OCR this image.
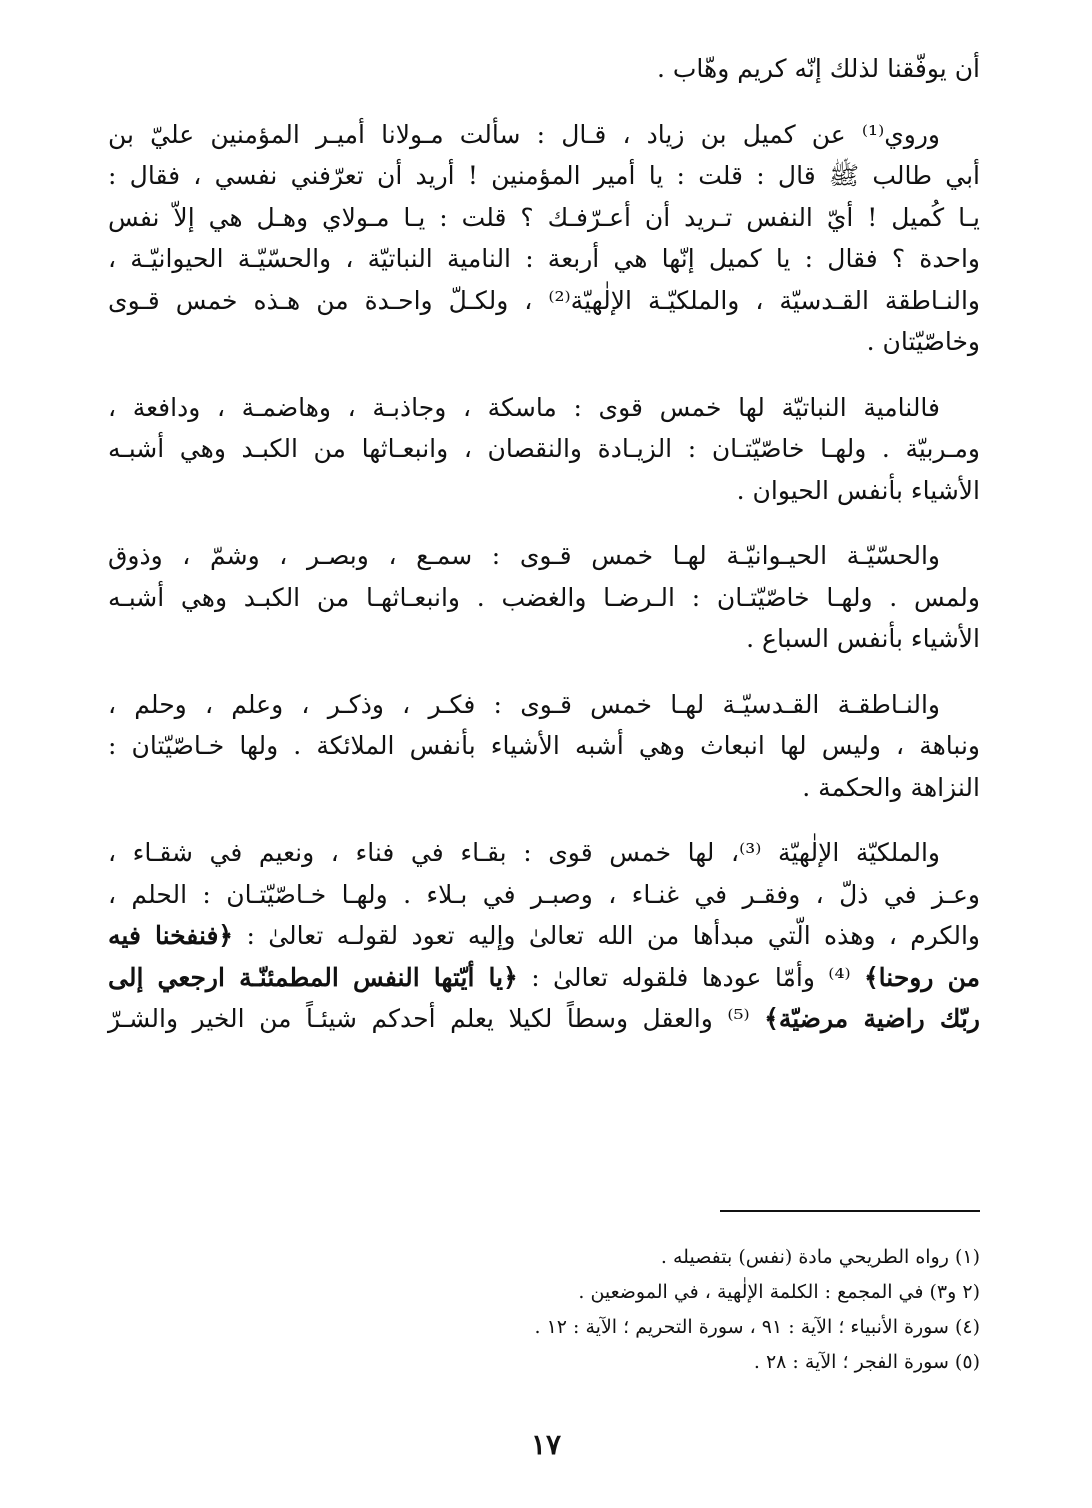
أن يوفّقنا لذلك إنّه كريم وهّاب .
وروي⁽¹⁾ عن كميل بن زياد ، قـال : سألت مـولانا أميـر المؤمنين عليّ بن
أبي طالب ﷺ قال : قلت : يا أمير المؤمنين ! أريد أن تعرّفني نفسي ، فقال :
يـا كُميل ! أيّ النفس تـريد أن أعـرّفـك ؟ قلت : يـا مـولاي وهـل هي إلاّ نفس
واحدة ؟ فقال : يا كميل إنّها هي أربعة : النامية النباتيّة ، والحسّيّـة الحيوانيّـة ،
والنـاطقة القـدسيّة ، والملكيّـة الإلٰهيّة⁽²⁾ ، ولكـلّ واحـدة من هـذه خمس قـوى
وخاصّيّتان .
فالنامية النباتيّة لها خمس قوى : ماسكة ، وجاذبـة ، وهاضمـة ، ودافعة ،
ومـربيّة . ولهـا خاصّيّتـان : الزيـادة والنقصان ، وانبعـاثها من الكبـد وهي أشبـه
الأشياء بأنفس الحيوان .
والحسّيّـة الحيـوانيّـة لهـا خمس قـوى : سمـع ، وبصـر ، وشمّ ، وذوق
ولمس . ولهـا خاصّيّتـان : الـرضـا والغضب . وانبعـاثهـا من الكبـد وهي أشبـه
الأشياء بأنفس السباع .
والنـاطقـة القـدسيّـة لهـا خمس قـوى : فكـر ، وذكـر ، وعلم ، وحلم ،
ونباهة ، وليس لها انبعاث وهي أشبه الأشياء بأنفس الملائكة . ولها خـاصّيّتان :
النزاهة والحكمة .
والملكيّة الإلٰهيّة ⁽³⁾، لها خمس قوى : بقـاء في فناء ، ونعيم في شقـاء ،
وعـز في ذلّ ، وفقـر في غنـاء ، وصبـر في بـلاء . ولهـا خـاصّيّتـان : الحلم ،
والكرم ، وهذه الّتي مبدأها من الله تعالىٰ وإليه تعود لقولـه تعالىٰ : ﴿فنفخنا فيه
من روحنا﴾ ⁽⁴⁾ وأمّا عودها فلقوله تعالىٰ : ﴿يا أيّتها النفس المطمئنّـة ارجعي إلى
ربّك راضية مرضيّة﴾ ⁽⁵⁾ والعقل وسطاً لكيلا يعلم أحدكم شيئـاً من الخير والشـرّ
(١) رواه الطريحي مادة (نفس) بتفصيله .
(٢ و٣) في المجمع : الكلمة الإلٰهية ، في الموضعين .
(٤) سورة الأنبياء ؛ الآية : ٩١ ، سورة التحريم ؛ الآية : ١٢ .
(٥) سورة الفجر ؛ الآية : ٢٨ .
١٧
